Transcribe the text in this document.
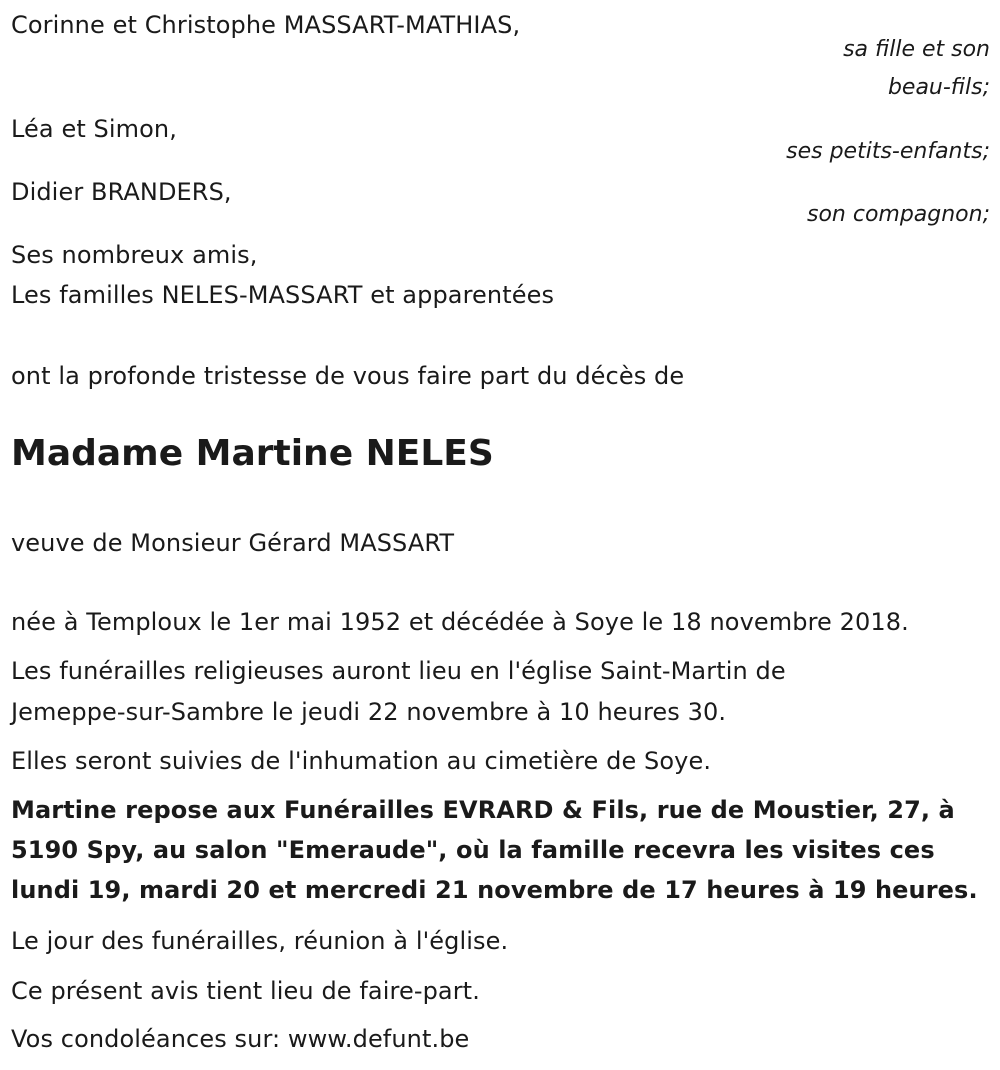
Corinne et Christophe MASSART-MATHIAS,
sa fille et son
beau-fils;
Léa et Simon,
ses petits-enfants;
Didier BRANDERS,
son compagnon;
Ses nombreux amis,
Les familles NELES-MASSART et apparentées
ont la profonde tristesse de vous faire part du décès de
Madame Martine NELES
veuve de Monsieur Gérard MASSART
née à Temploux le 1er mai 1952 et décédée à Soye le 18 novembre 2018.
Les funérailles religieuses auront lieu en l'église Saint-Martin de
Jemeppe-sur-Sambre le jeudi 22 novembre à 10 heures 30.
Elles seront suivies de l'inhumation au cimetière de Soye.
Martine repose aux Funérailles EVRARD & Fils, rue de Moustier, 27, à
5190 Spy, au salon "Emeraude", où la famille recevra les visites ces
lundi 19, mardi 20 et mercredi 21 novembre de 17 heures à 19 heures.
Le jour des funérailles, réunion à l'église.
Ce présent avis tient lieu de faire-part.
Vos condoléances sur: www.defunt.be
